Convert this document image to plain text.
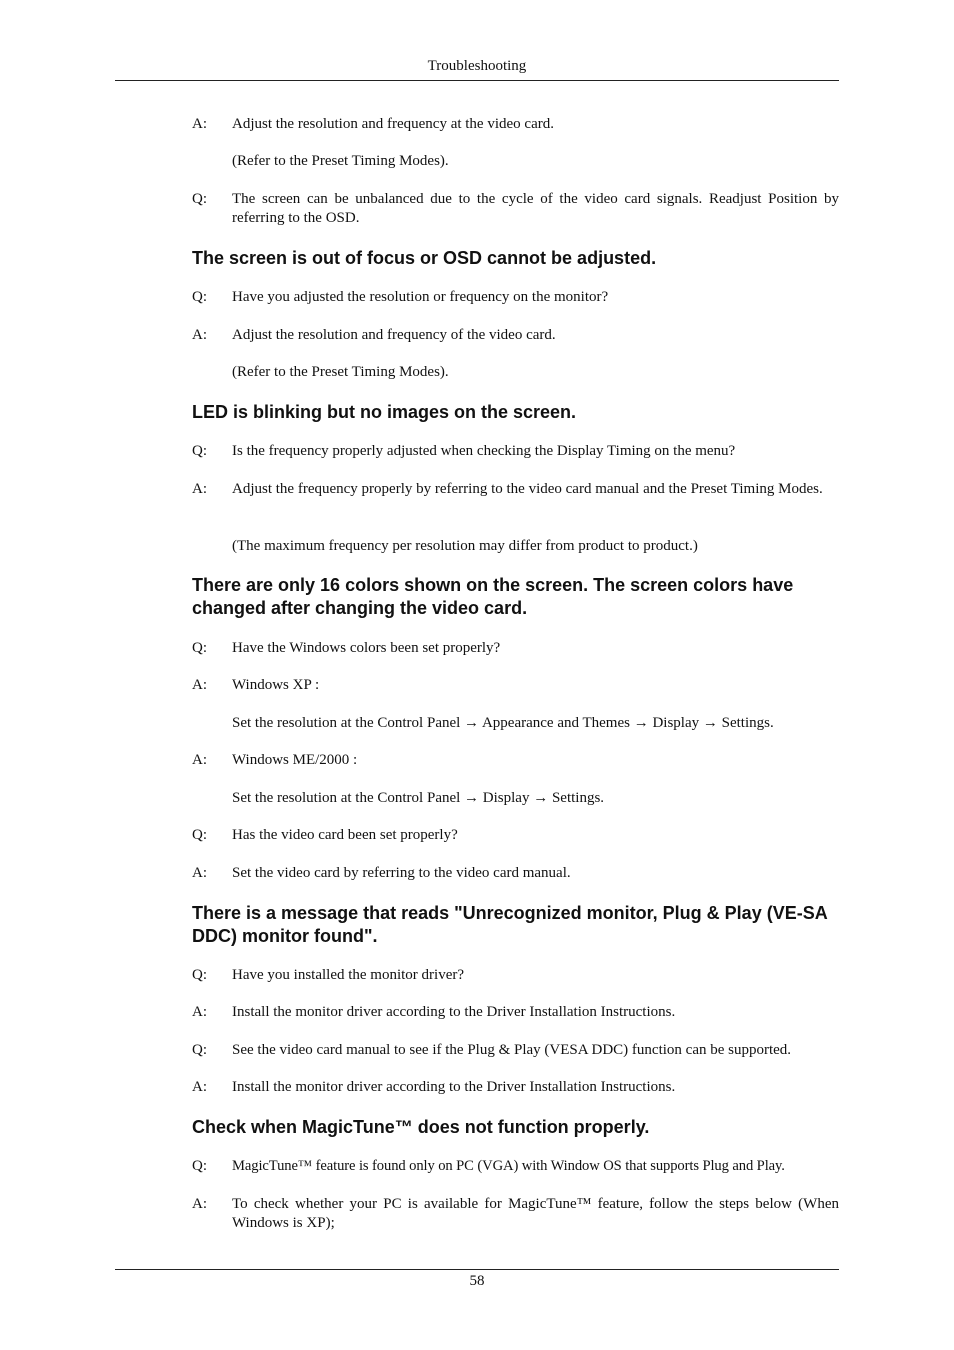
Troubleshooting
A:	Adjust the resolution and frequency at the video card.
(Refer to the Preset Timing Modes).
Q:	The screen can be unbalanced due to the cycle of the video card signals. Readjust Position by referring to the OSD.
The screen is out of focus or OSD cannot be adjusted.
Q:	Have you adjusted the resolution or frequency on the monitor?
A:	Adjust the resolution and frequency of the video card.
(Refer to the Preset Timing Modes).
LED is blinking but no images on the screen.
Q:	Is the frequency properly adjusted when checking the Display Timing on the menu?
A:	Adjust the frequency properly by referring to the video card manual and the Preset Timing Modes.
(The maximum frequency per resolution may differ from product to product.)
There are only 16 colors shown on the screen. The screen colors have changed after changing the video card.
Q:	Have the Windows colors been set properly?
A:	Windows XP :
Set the resolution at the Control Panel → Appearance and Themes → Display → Settings.
A:	Windows ME/2000 :
Set the resolution at the Control Panel → Display → Settings.
Q:	Has the video card been set properly?
A:	Set the video card by referring to the video card manual.
There is a message that reads "Unrecognized monitor, Plug & Play (VE-SA DDC) monitor found".
Q:	Have you installed the monitor driver?
A:	Install the monitor driver according to the Driver Installation Instructions.
Q:	See the video card manual to see if the Plug & Play (VESA DDC) function can be supported.
A:	Install the monitor driver according to the Driver Installation Instructions.
Check when MagicTune™ does not function properly.
Q:	MagicTune™ feature is found only on PC (VGA) with Window OS that supports Plug and Play.
A:	To check whether your PC is available for MagicTune™ feature, follow the steps below (When Windows is XP);
58
